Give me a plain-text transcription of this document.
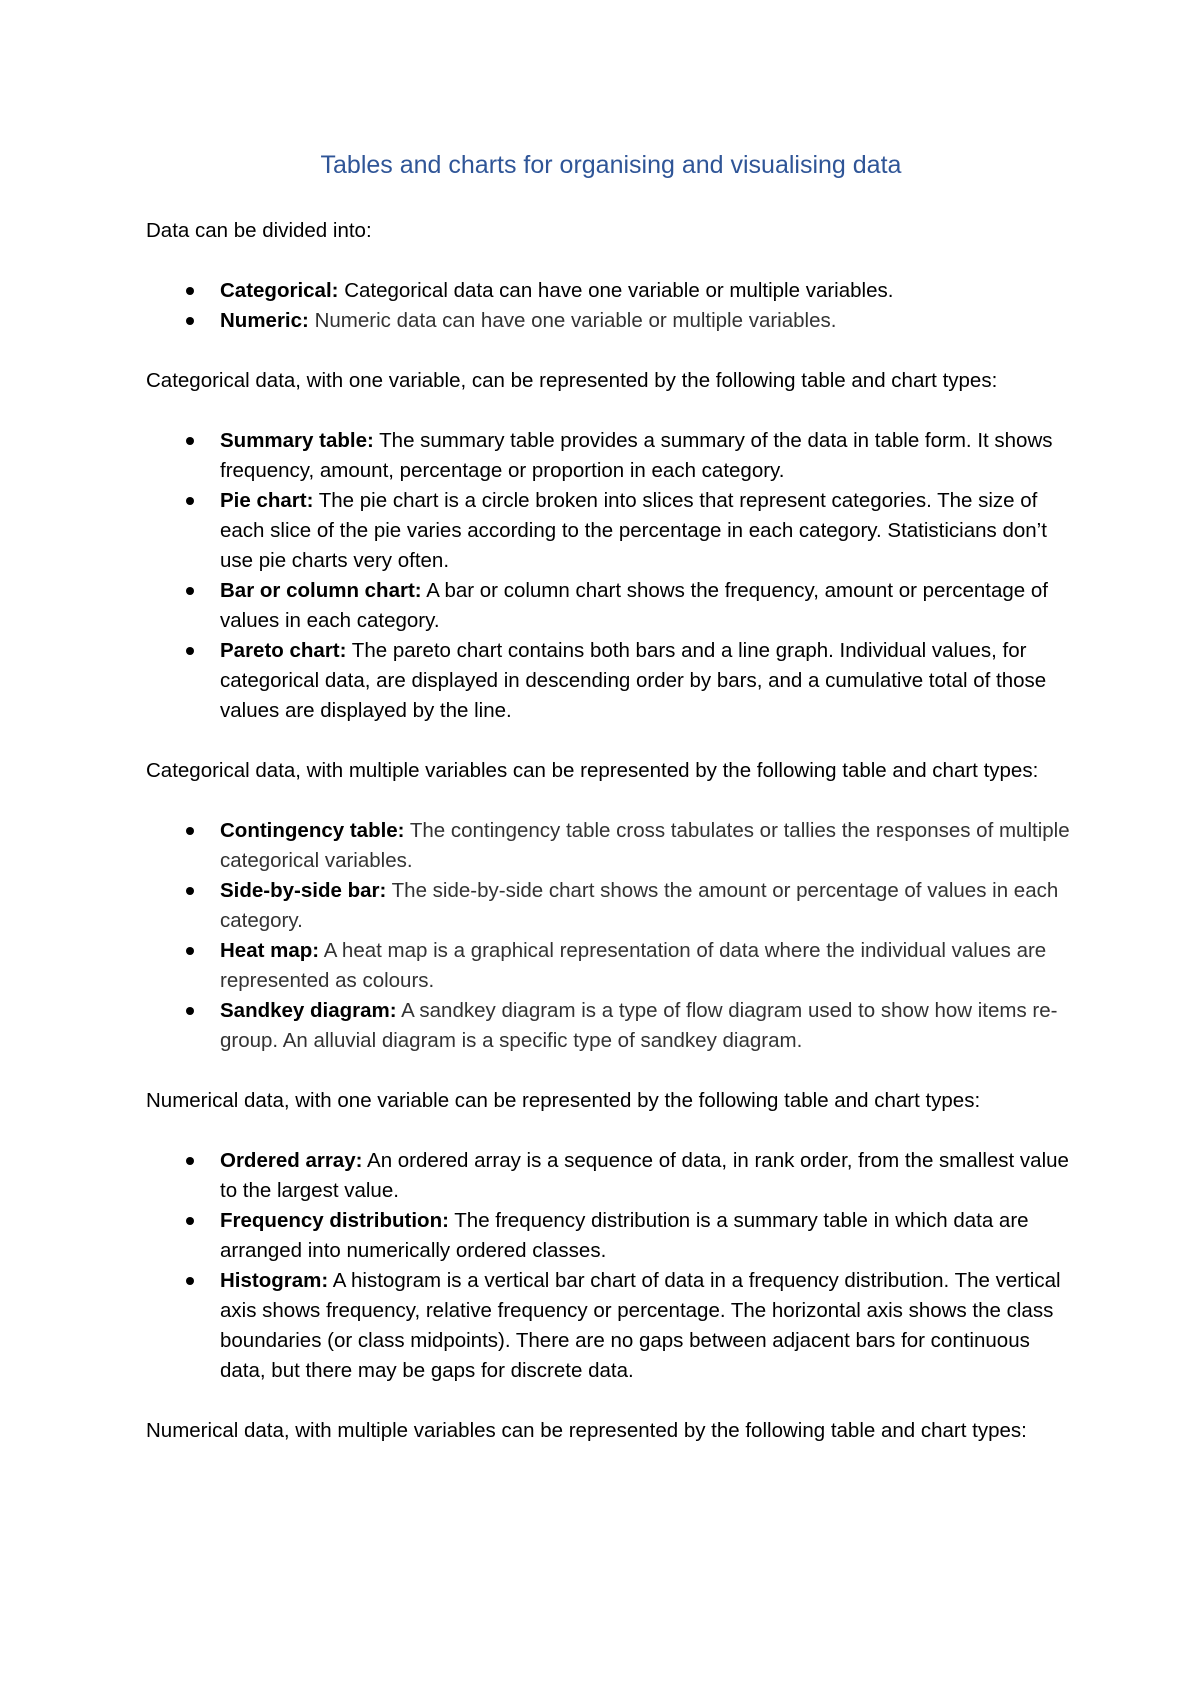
Tables and charts for organising and visualising data

Data can be divided into:

Categorical: Categorical data can have one variable or multiple variables.
Numeric: Numeric data can have one variable or multiple variables.

Categorical data, with one variable, can be represented by the following table and chart types:

Summary table: The summary table provides a summary of the data in table form. It shows frequency, amount, percentage or proportion in each category.
Pie chart: The pie chart is a circle broken into slices that represent categories. The size of each slice of the pie varies according to the percentage in each category. Statisticians don’t use pie charts very often.
Bar or column chart: A bar or column chart shows the frequency, amount or percentage of values in each category.
Pareto chart: The pareto chart contains both bars and a line graph. Individual values, for categorical data, are displayed in descending order by bars, and a cumulative total of those values are displayed by the line.

Categorical data, with multiple variables can be represented by the following table and chart types:

Contingency table: The contingency table cross tabulates or tallies the responses of multiple categorical variables.
Side-by-side bar: The side-by-side chart shows the amount or percentage of values in each category.
Heat map: A heat map is a graphical representation of data where the individual values are represented as colours.
Sandkey diagram: A sandkey diagram is a type of flow diagram used to show how items re-group. An alluvial diagram is a specific type of sandkey diagram.

Numerical data, with one variable can be represented by the following table and chart types:

Ordered array: An ordered array is a sequence of data, in rank order, from the smallest value to the largest value.
Frequency distribution: The frequency distribution is a summary table in which data are arranged into numerically ordered classes.
Histogram: A histogram is a vertical bar chart of data in a frequency distribution. The vertical axis shows frequency, relative frequency or percentage. The horizontal axis shows the class boundaries (or class midpoints). There are no gaps between adjacent bars for continuous data, but there may be gaps for discrete data.

Numerical data, with multiple variables can be represented by the following table and chart types:
